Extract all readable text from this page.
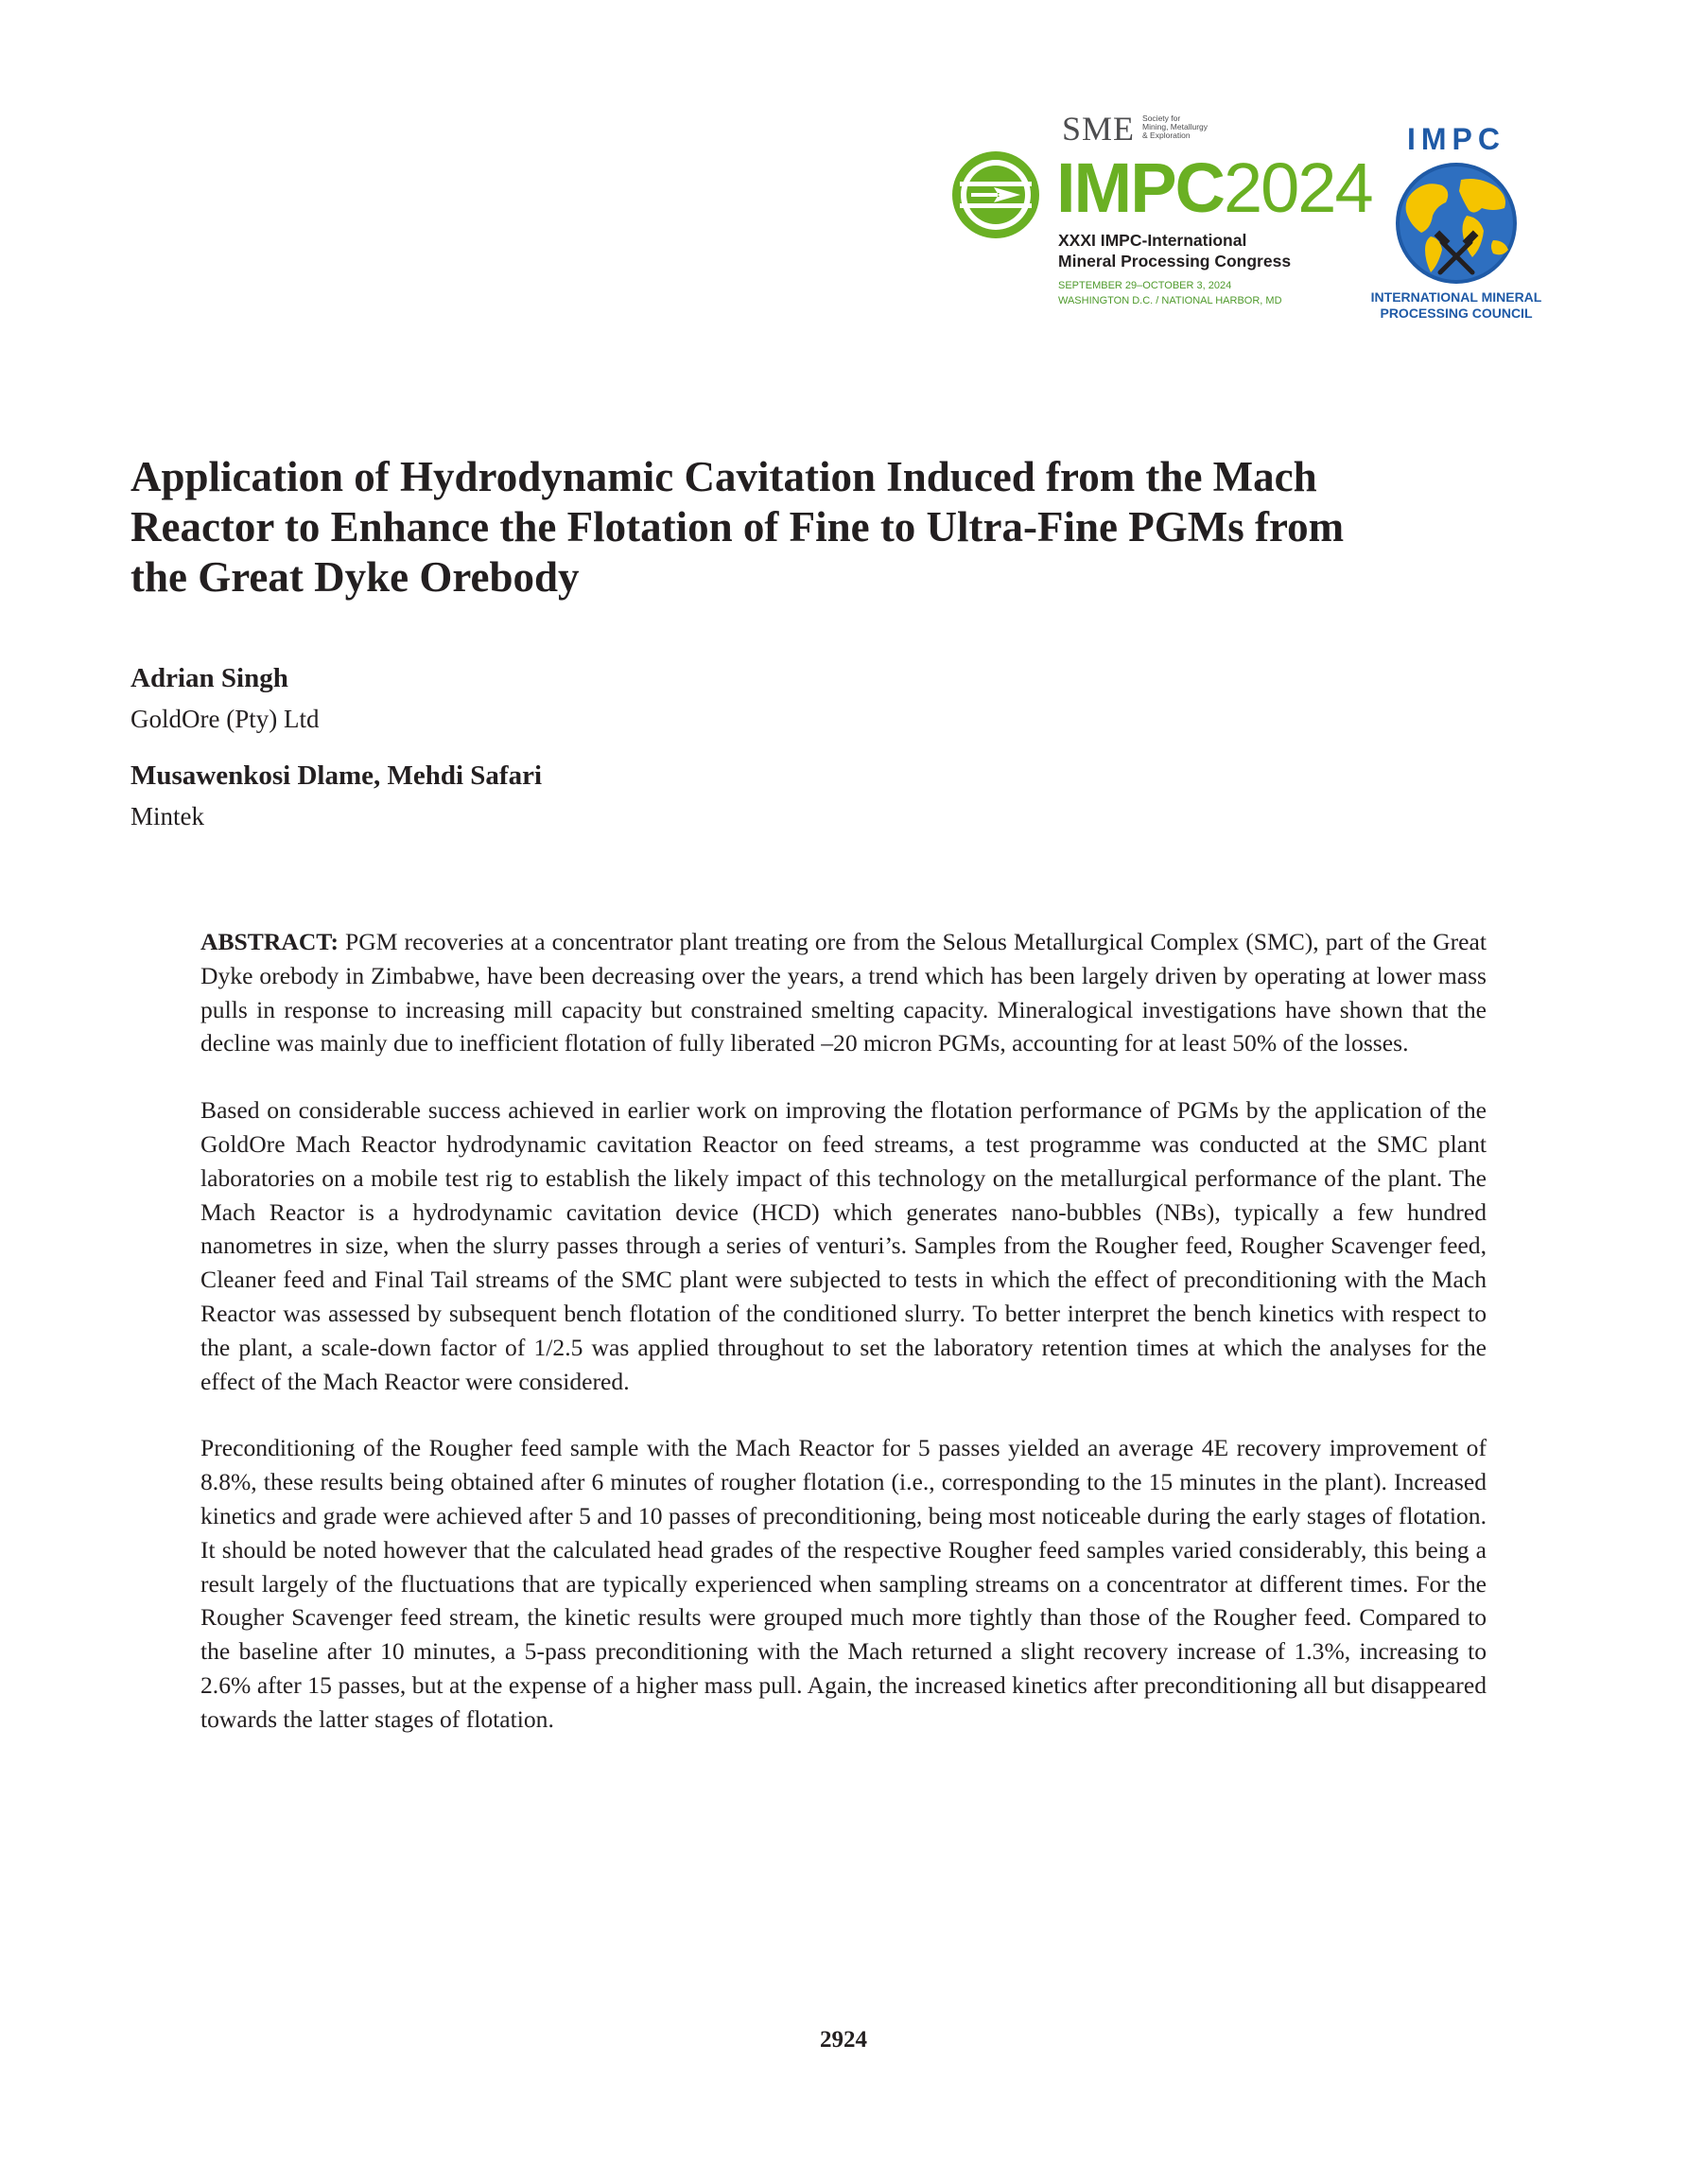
SME Society for
Mining, Metallurgy
& Exploration
IMPC2024
XXXI IMPC-International
Mineral Processing Congress
SEPTEMBER 29–OCTOBER 3, 2024
WASHINGTON D.C. / NATIONAL HARBOR, MD
IMPC
INTERNATIONAL MINERAL
PROCESSING COUNCIL
Application of Hydrodynamic Cavitation Induced from the Mach Reactor to Enhance the Flotation of Fine to Ultra-Fine PGMs from the Great Dyke Orebody
Adrian Singh
GoldOre (Pty) Ltd
Musawenkosi Dlame, Mehdi Safari
Mintek

ABSTRACT: PGM recoveries at a concentrator plant treating ore from the Selous Metallurgical Complex (SMC), part of the Great Dyke orebody in Zimbabwe, have been decreasing over the years, a trend which has been largely driven by operating at lower mass pulls in response to increasing mill capacity but constrained smelting capacity. Mineralogical investigations have shown that the decline was mainly due to inefficient flotation of fully liberated –20 micron PGMs, accounting for at least 50% of the losses.

Based on considerable success achieved in earlier work on improving the flotation performance of PGMs by the application of the GoldOre Mach Reactor hydrodynamic cavitation Reactor on feed streams, a test programme was conducted at the SMC plant laboratories on a mobile test rig to establish the likely impact of this technology on the metallurgical performance of the plant. The Mach Reactor is a hydrodynamic cavitation device (HCD) which generates nano-bubbles (NBs), typically a few hundred nanometres in size, when the slurry passes through a series of venturi’s. Samples from the Rougher feed, Rougher Scavenger feed, Cleaner feed and Final Tail streams of the SMC plant were subjected to tests in which the effect of preconditioning with the Mach Reactor was assessed by subsequent bench flotation of the conditioned slurry. To better interpret the bench kinetics with respect to the plant, a scale-down factor of 1/2.5 was applied throughout to set the laboratory retention times at which the analyses for the effect of the Mach Reactor were considered.

Preconditioning of the Rougher feed sample with the Mach Reactor for 5 passes yielded an average 4E recovery improvement of 8.8%, these results being obtained after 6 minutes of rougher flotation (i.e., corresponding to the 15 minutes in the plant). Increased kinetics and grade were achieved after 5 and 10 passes of preconditioning, being most noticeable during the early stages of flotation. It should be noted however that the calculated head grades of the respective Rougher feed samples varied considerably, this being a result largely of the fluctuations that are typically experienced when sampling streams on a concentrator at different times. For the Rougher Scavenger feed stream, the kinetic results were grouped much more tightly than those of the Rougher feed. Compared to the baseline after 10 minutes, a 5-pass preconditioning with the Mach returned a slight recovery increase of 1.3%, increasing to 2.6% after 15 passes, but at the expense of a higher mass pull. Again, the increased kinetics after preconditioning all but disappeared towards the latter stages of flotation.

2924
